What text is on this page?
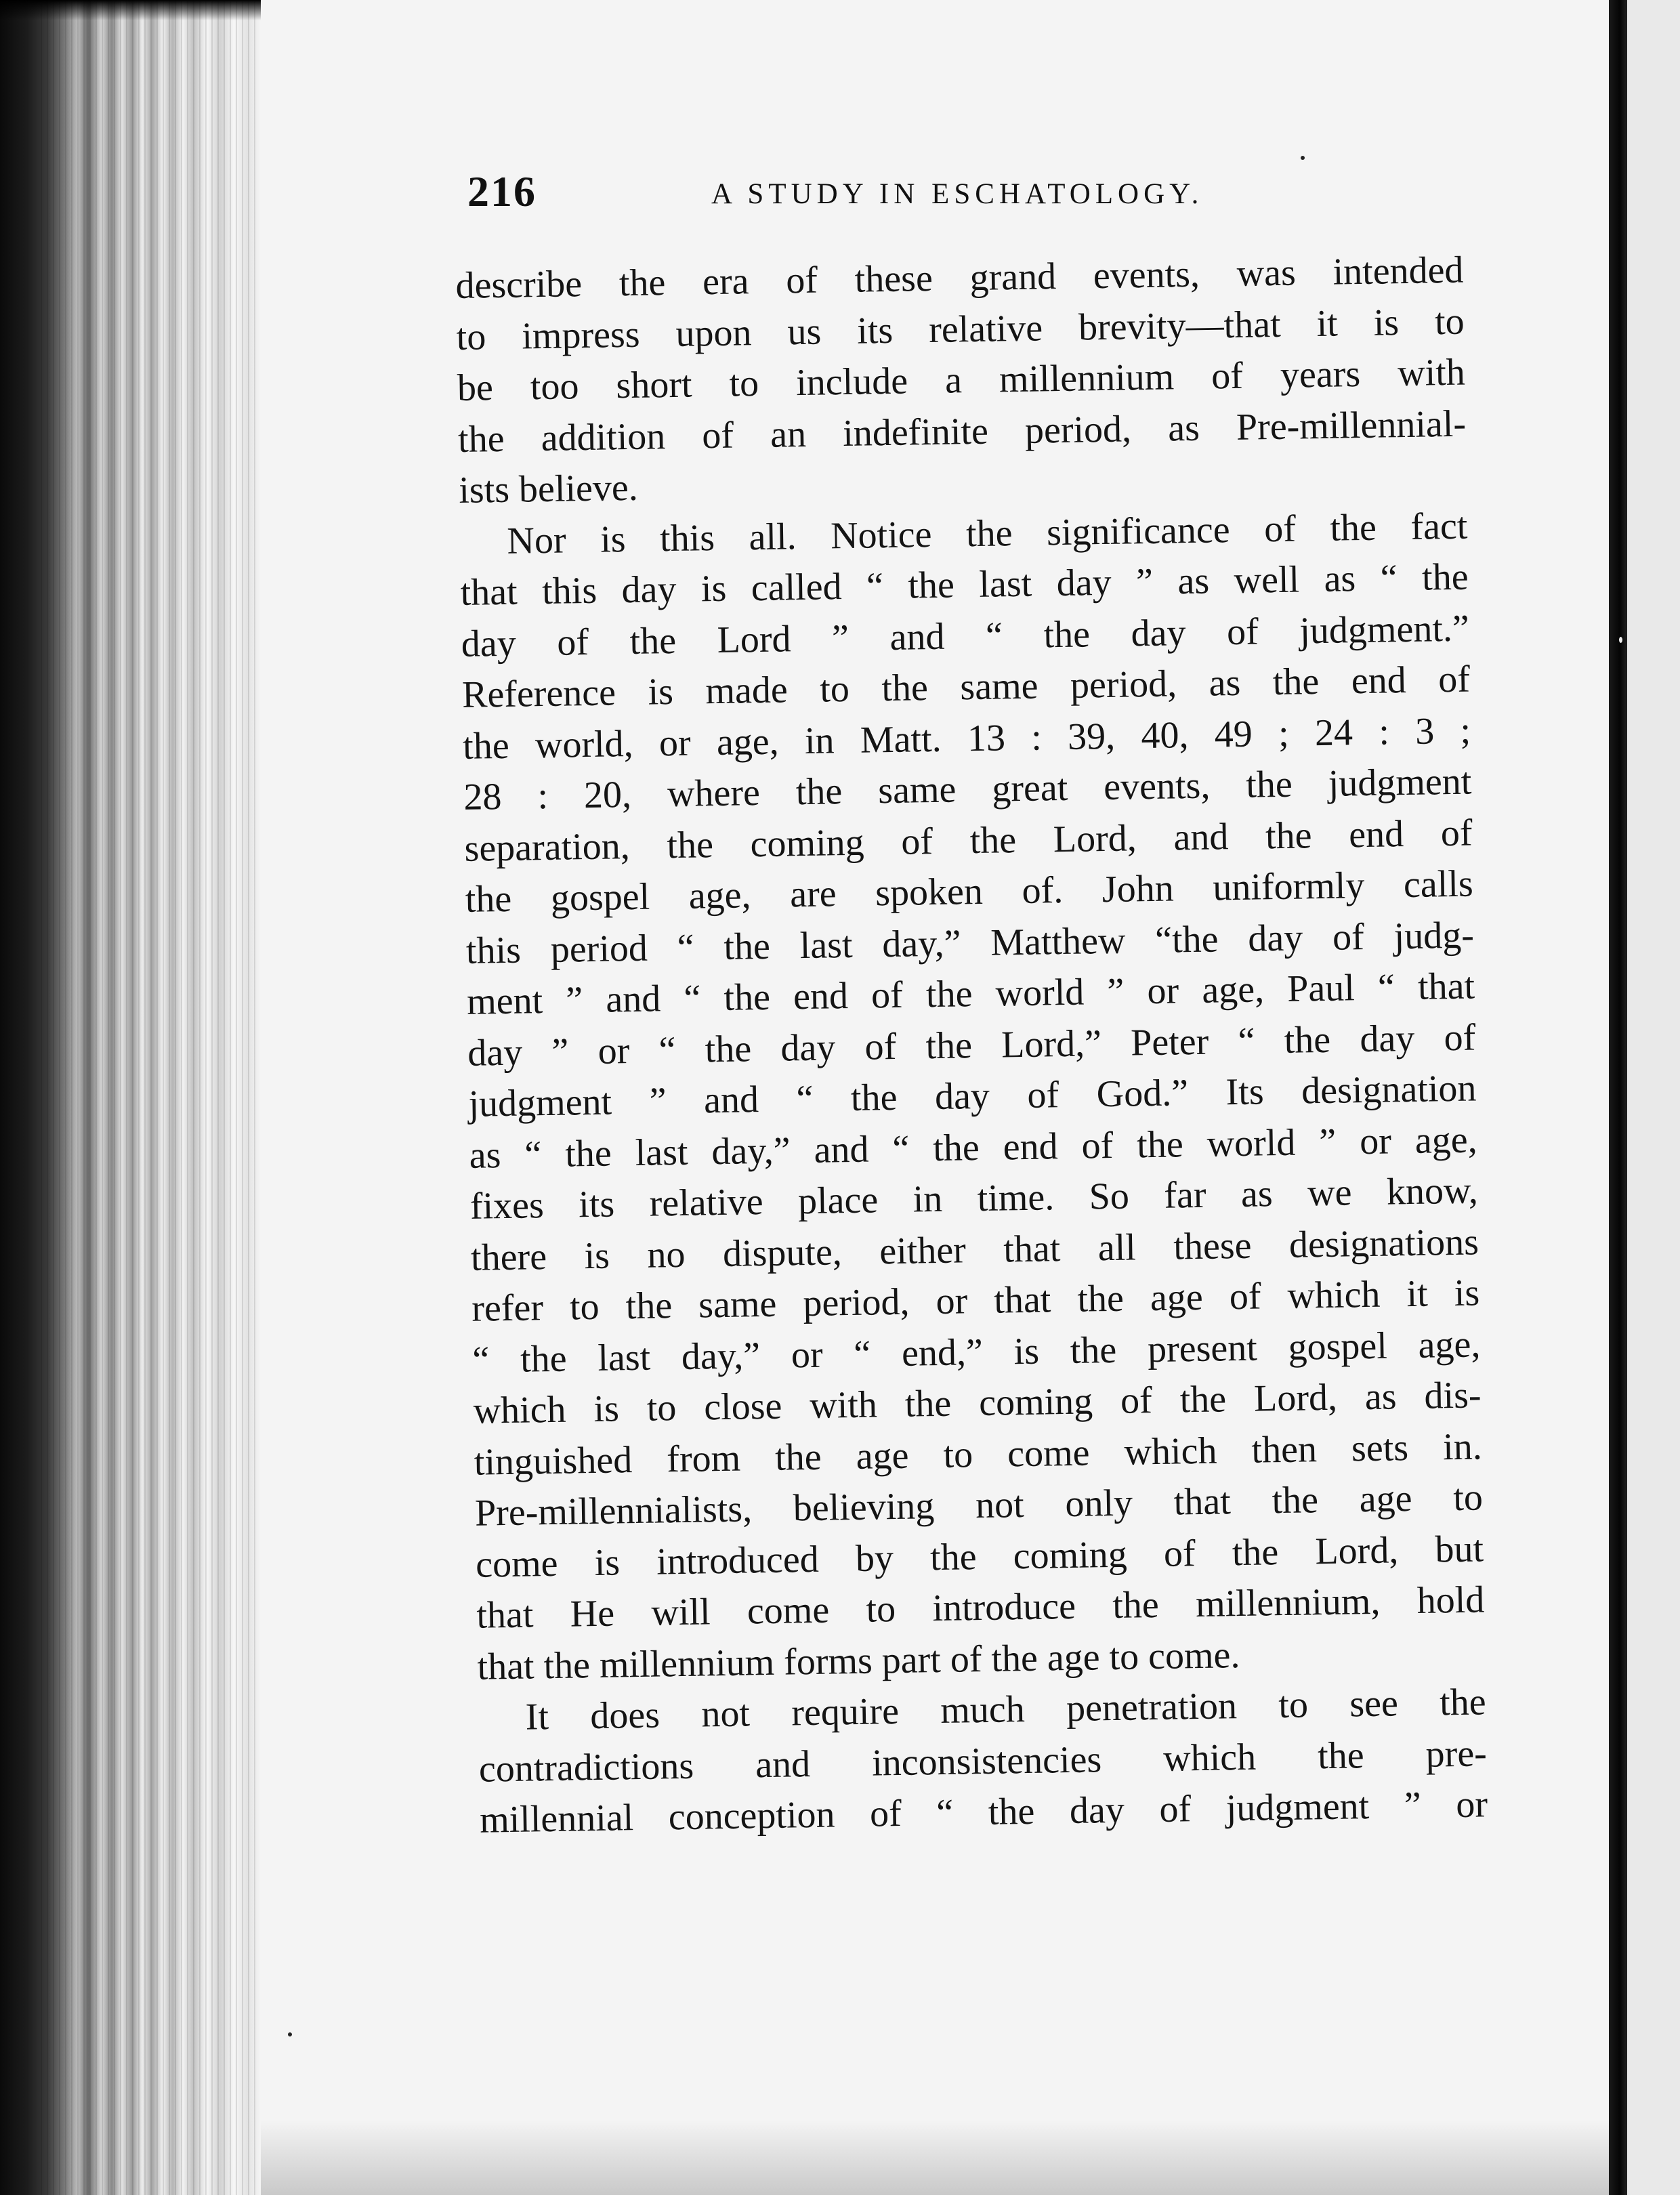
216	A STUDY IN ESCHATOLOGY.
describe the era of these grand events, was intended
to impress upon us its relative brevity—that it is to
be too short to include a millennium of years with
the addition of an indefinite period, as Pre-millennial-
ists believe.
Nor is this all. Notice the significance of the fact
that this day is called “ the last day ” as well as “ the
day of the Lord ” and “ the day of judgment.”
Reference is made to the same period, as the end of
the world, or age, in Matt. 13 : 39, 40, 49 ; 24 : 3 ;
28 : 20, where the same great events, the judgment
separation, the coming of the Lord, and the end of
the gospel age, are spoken of. John uniformly calls
this period “ the last day,” Matthew “the day of judg-
ment ” and “ the end of the world ” or age, Paul “ that
day ” or “ the day of the Lord,” Peter “ the day of
judgment ” and “ the day of God.” Its designation
as “ the last day,” and “ the end of the world ” or age,
fixes its relative place in time. So far as we know,
there is no dispute, either that all these designations
refer to the same period, or that the age of which it is
“ the last day,” or “ end,” is the present gospel age,
which is to close with the coming of the Lord, as dis-
tinguished from the age to come which then sets in.
Pre-millennialists, believing not only that the age to
come is introduced by the coming of the Lord, but
that He will come to introduce the millennium, hold
that the millennium forms part of the age to come.
It does not require much penetration to see the
contradictions and inconsistencies which the pre-
millennial conception of “ the day of judgment ” or
